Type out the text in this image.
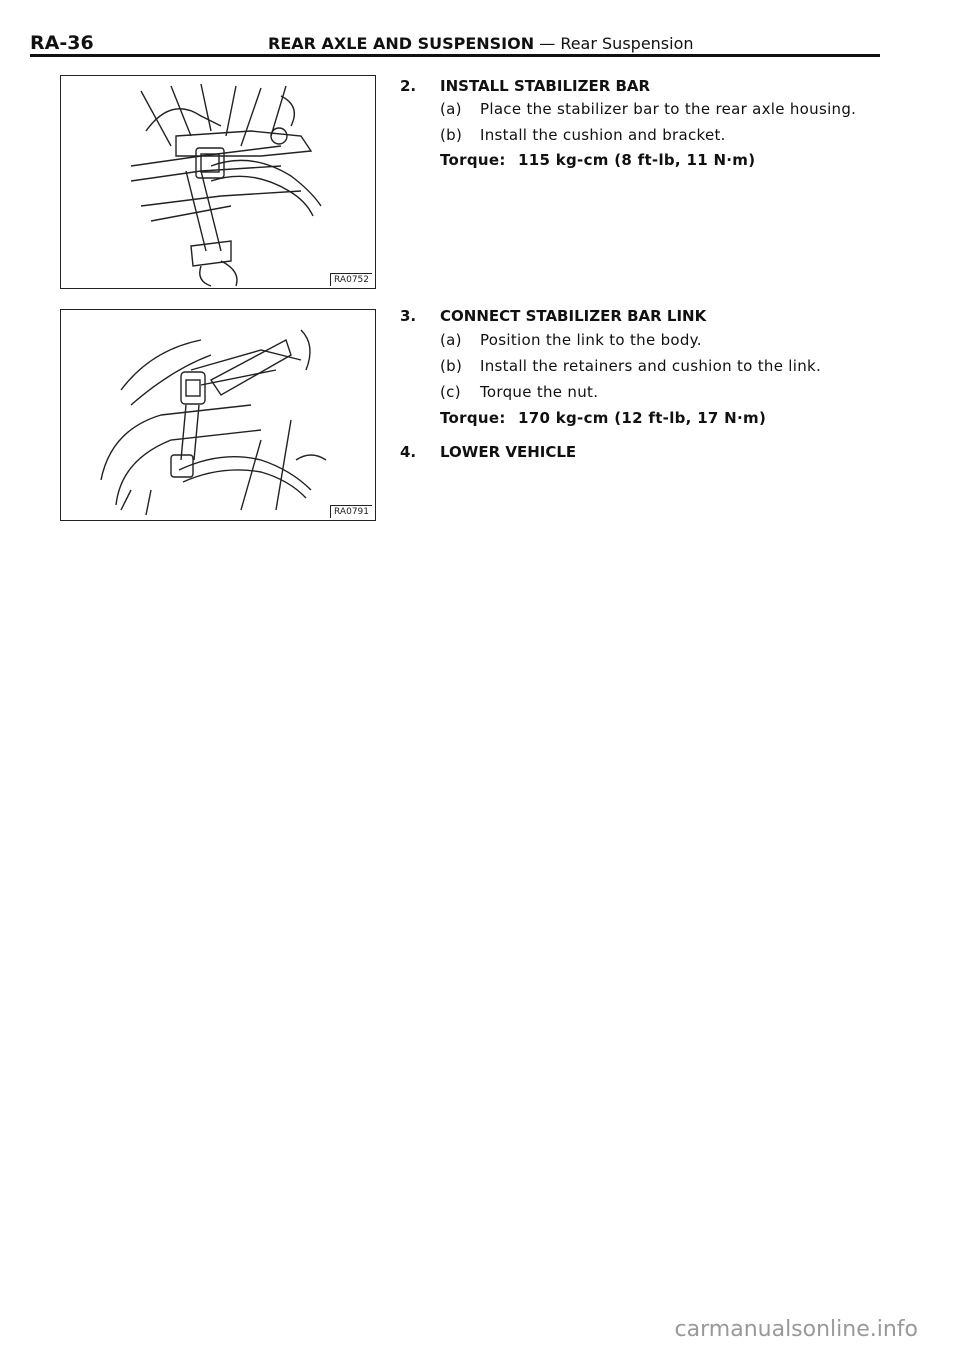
RA-36	REAR AXLE AND SUSPENSION — Rear Suspension
RA0752
RA0791
2.	INSTALL STABILIZER BAR
(a) Place the stabilizer bar to the rear axle housing.
(b) Install the cushion and bracket.
Torque: 115 kg-cm (8 ft-lb, 11 N·m)
3.	CONNECT STABILIZER BAR LINK
(a) Position the link to the body.
(b) Install the retainers and cushion to the link.
(c) Torque the nut.
Torque: 170 kg-cm (12 ft-lb, 17 N·m)
4.	LOWER VEHICLE
carmanualsonline.info
